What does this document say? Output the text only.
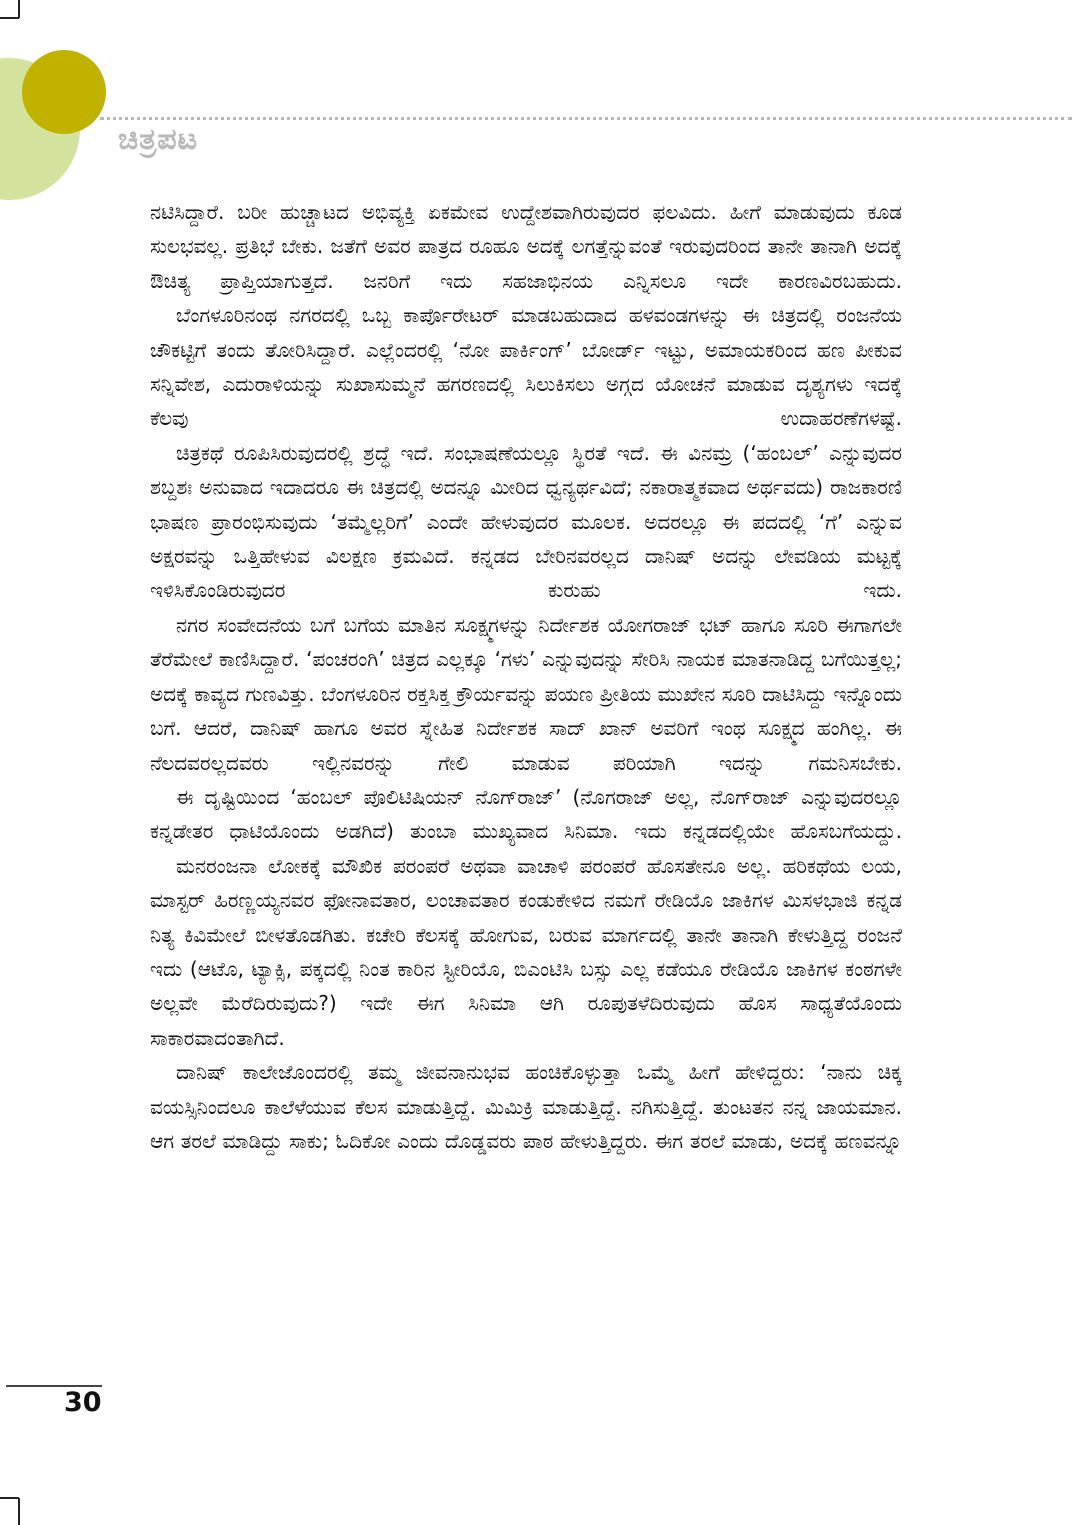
ಚಿತ್ರಪಟ

ನಟಿಸಿದ್ದಾರೆ. ಬರೀ ಹುಚ್ಚಾಟದ ಅಭಿವ್ಯಕ್ತಿ ಏಕಮೇವ ಉದ್ದೇಶವಾಗಿರುವುದರ ಫಲವಿದು. ಹೀಗೆ ಮಾಡುವುದು ಕೂಡ ಸುಲಭವಲ್ಲ. ಪ್ರತಿಭೆ ಬೇಕು. ಜತೆಗೆ ಅವರ ಪಾತ್ರದ ರೂಹೂ ಅದಕ್ಕೆ ಲಗತ್ತೆನ್ನುವಂತೆ ಇರುವುದರಿಂದ ತಾನೇ ತಾನಾಗಿ ಅದಕ್ಕೆ ಔಚಿತ್ಯ ಪ್ರಾಪ್ತಿಯಾಗುತ್ತದೆ. ಜನರಿಗೆ ಇದು ಸಹಜಾಭಿನಯ ಎನ್ನಿಸಲೂ ಇದೇ ಕಾರಣವಿರಬಹುದು.

ಬೆಂಗಳೂರಿನಂಥ ನಗರದಲ್ಲಿ ಒಬ್ಬ ಕಾರ್ಪೊರೇಟರ್ ಮಾಡಬಹುದಾದ ಹಳವಂಡಗಳನ್ನು ಈ ಚಿತ್ರದಲ್ಲಿ ರಂಜನೆಯ ಚೌಕಟ್ಟಿಗೆ ತಂದು ತೋರಿಸಿದ್ದಾರೆ. ಎಲ್ಲೆಂದರಲ್ಲಿ ‘ನೋ ಪಾರ್ಕಿಂಗ್’ ಬೋರ್ಡ್ ಇಟ್ಟು, ಅಮಾಯಕರಿಂದ ಹಣ ಪೀಕುವ ಸನ್ನಿವೇಶ, ಎದುರಾಳಿಯನ್ನು ಸುಖಾಸುಮ್ಮನೆ ಹಗರಣದಲ್ಲಿ ಸಿಲುಕಿಸಲು ಅಗ್ಗದ ಯೋಚನೆ ಮಾಡುವ ದೃಶ್ಯಗಳು ಇದಕ್ಕೆ ಕೆಲವು ಉದಾಹರಣೆಗಳಷ್ಟೆ.

ಚಿತ್ರಕಥೆ ರೂಪಿಸಿರುವುದರಲ್ಲಿ ಶ್ರದ್ಧೆ ಇದೆ. ಸಂಭಾಷಣೆಯಲ್ಲೂ ಸ್ಥಿರತೆ ಇದೆ. ಈ ವಿನಮ್ರ (‘ಹಂಬಲ್’ ಎನ್ನುವುದರ ಶಬ್ದಶಃ ಅನುವಾದ ಇದಾದರೂ ಈ ಚಿತ್ರದಲ್ಲಿ ಅದನ್ನೂ ಮೀರಿದ ಧ್ವನ್ಯರ್ಥವಿದೆ; ನಕಾರಾತ್ಮಕವಾದ ಅರ್ಥವದು) ರಾಜಕಾರಣಿ ಭಾಷಣ ಪ್ರಾರಂಭಿಸುವುದು ‘ತಮ್ಮೆಲ್ಲರಿಗೆ’ ಎಂದೇ ಹೇಳುವುದರ ಮೂಲಕ. ಅದರಲ್ಲೂ ಈ ಪದದಲ್ಲಿ ‘ಗೆ’ ಎನ್ನುವ ಅಕ್ಷರವನ್ನು ಒತ್ತಿಹೇಳುವ ವಿಲಕ್ಷಣ ಕ್ರಮವಿದೆ. ಕನ್ನಡದ ಬೇರಿನವರಲ್ಲದ ದಾನಿಷ್ ಅದನ್ನು ಲೇವಡಿಯ ಮಟ್ಟಕ್ಕೆ ಇಳಿಸಿಕೊಂಡಿರುವುದರ ಕುರುಹು ಇದು.

ನಗರ ಸಂವೇದನೆಯ ಬಗೆ ಬಗೆಯ ಮಾತಿನ ಸೂಕ್ಷ್ಮಗಳನ್ನು ನಿರ್ದೇಶಕ ಯೋಗರಾಜ್ ಭಟ್ ಹಾಗೂ ಸೂರಿ ಈಗಾಗಲೇ ತೆರೆಮೇಲೆ ಕಾಣಿಸಿದ್ದಾರೆ. ‘ಪಂಚರಂಗಿ’ ಚಿತ್ರದ ಎಲ್ಲಕ್ಕೂ ‘ಗಳು’ ಎನ್ನುವುದನ್ನು ಸೇರಿಸಿ ನಾಯಕ ಮಾತನಾಡಿದ್ದ ಬಗೆಯಿತ್ತಲ್ಲ; ಅದಕ್ಕೆ ಕಾವ್ಯದ ಗುಣವಿತ್ತು. ಬೆಂಗಳೂರಿನ ರಕ್ತಸಿಕ್ತ ಕ್ರೌರ್ಯವನ್ನು ಪಯಣ ಪ್ರೀತಿಯ ಮುಖೇನ ಸೂರಿ ದಾಟಿಸಿದ್ದು ಇನ್ನೊಂದು ಬಗೆ. ಆದರೆ, ದಾನಿಷ್ ಹಾಗೂ ಅವರ ಸ್ನೇಹಿತ ನಿರ್ದೇಶಕ ಸಾದ್ ಖಾನ್ ಅವರಿಗೆ ಇಂಥ ಸೂಕ್ಷ್ಮದ ಹಂಗಿಲ್ಲ. ಈ ನೆಲದವರಲ್ಲದವರು ಇಲ್ಲಿನವರನ್ನು ಗೇಲಿ ಮಾಡುವ ಪರಿಯಾಗಿ ಇದನ್ನು ಗಮನಿಸಬೇಕು.

ಈ ದೃಷ್ಟಿಯಿಂದ ‘ಹಂಬಲ್ ಪೊಲಿಟಿಷಿಯನ್ ನೊಗ್‌ರಾಜ್’ (ನೊಗರಾಜ್ ಅಲ್ಲ, ನೊಗ್‌ರಾಜ್ ಎನ್ನುವುದರಲ್ಲೂ ಕನ್ನಡೇತರ ಧಾಟಿಯೊಂದು ಅಡಗಿದೆ) ತುಂಬಾ ಮುಖ್ಯವಾದ ಸಿನಿಮಾ. ಇದು ಕನ್ನಡದಲ್ಲಿಯೇ ಹೊಸಬಗೆಯದ್ದು.

ಮನರಂಜನಾ ಲೋಕಕ್ಕೆ ಮೌಖಿಕ ಪರಂಪರೆ ಅಥವಾ ವಾಚಾಳಿ ಪರಂಪರೆ ಹೊಸತೇನೂ ಅಲ್ಲ. ಹರಿಕಥೆಯ ಲಯ, ಮಾಸ್ಟರ್ ಹಿರಣ್ಣಯ್ಯನವರ ಫೋನಾವತಾರ, ಲಂಚಾವತಾರ ಕಂಡುಕೇಳಿದ ನಮಗೆ ರೇಡಿಯೊ ಜಾಕಿಗಳ ಮಿಸಳಭಾಜಿ ಕನ್ನಡ ನಿತ್ಯ ಕಿವಿಮೇಲೆ ಬೀಳತೊಡಗಿತು. ಕಚೇರಿ ಕೆಲಸಕ್ಕೆ ಹೋಗುವ, ಬರುವ ಮಾರ್ಗದಲ್ಲಿ ತಾನೇ ತಾನಾಗಿ ಕೇಳುತ್ತಿದ್ದ ರಂಜನೆ ಇದು (ಆಟೊ, ಟ್ಯಾಕ್ಸಿ, ಪಕ್ಕದಲ್ಲಿ ನಿಂತ ಕಾರಿನ ಸ್ಟೀರಿಯೊ, ಬಿಎಂಟಿಸಿ ಬಸ್ಸು ಎಲ್ಲ ಕಡೆಯೂ ರೇಡಿಯೊ ಜಾಕಿಗಳ ಕಂಠಗಳೇ ಅಲ್ಲವೇ ಮೆರೆದಿರುವುದು?) ಇದೇ ಈಗ ಸಿನಿಮಾ ಆಗಿ ರೂಪುತಳೆದಿರುವುದು ಹೊಸ ಸಾಧ್ಯತೆಯೊಂದು ಸಾಕಾರವಾದಂತಾಗಿದೆ.

ದಾನಿಷ್ ಕಾಲೇಜೊಂದರಲ್ಲಿ ತಮ್ಮ ಜೀವನಾನುಭವ ಹಂಚಿಕೊಳ್ಳುತ್ತಾ ಒಮ್ಮೆ ಹೀಗೆ ಹೇಳಿದ್ದರು: ‘ನಾನು ಚಿಕ್ಕ ವಯಸ್ಸಿನಿಂದಲೂ ಕಾಲೆಳೆಯುವ ಕೆಲಸ ಮಾಡುತ್ತಿದ್ದೆ. ಮಿಮಿಕ್ರಿ ಮಾಡುತ್ತಿದ್ದೆ. ನಗಿಸುತ್ತಿದ್ದೆ. ತುಂಟತನ ನನ್ನ ಜಾಯಮಾನ. ಆಗ ತರಲೆ ಮಾಡಿದ್ದು ಸಾಕು; ಓದಿಕೋ ಎಂದು ದೊಡ್ಡವರು ಪಾಠ ಹೇಳುತ್ತಿದ್ದರು. ಈಗ ತರಲೆ ಮಾಡು, ಅದಕ್ಕೆ ಹಣವನ್ನೂ

30
